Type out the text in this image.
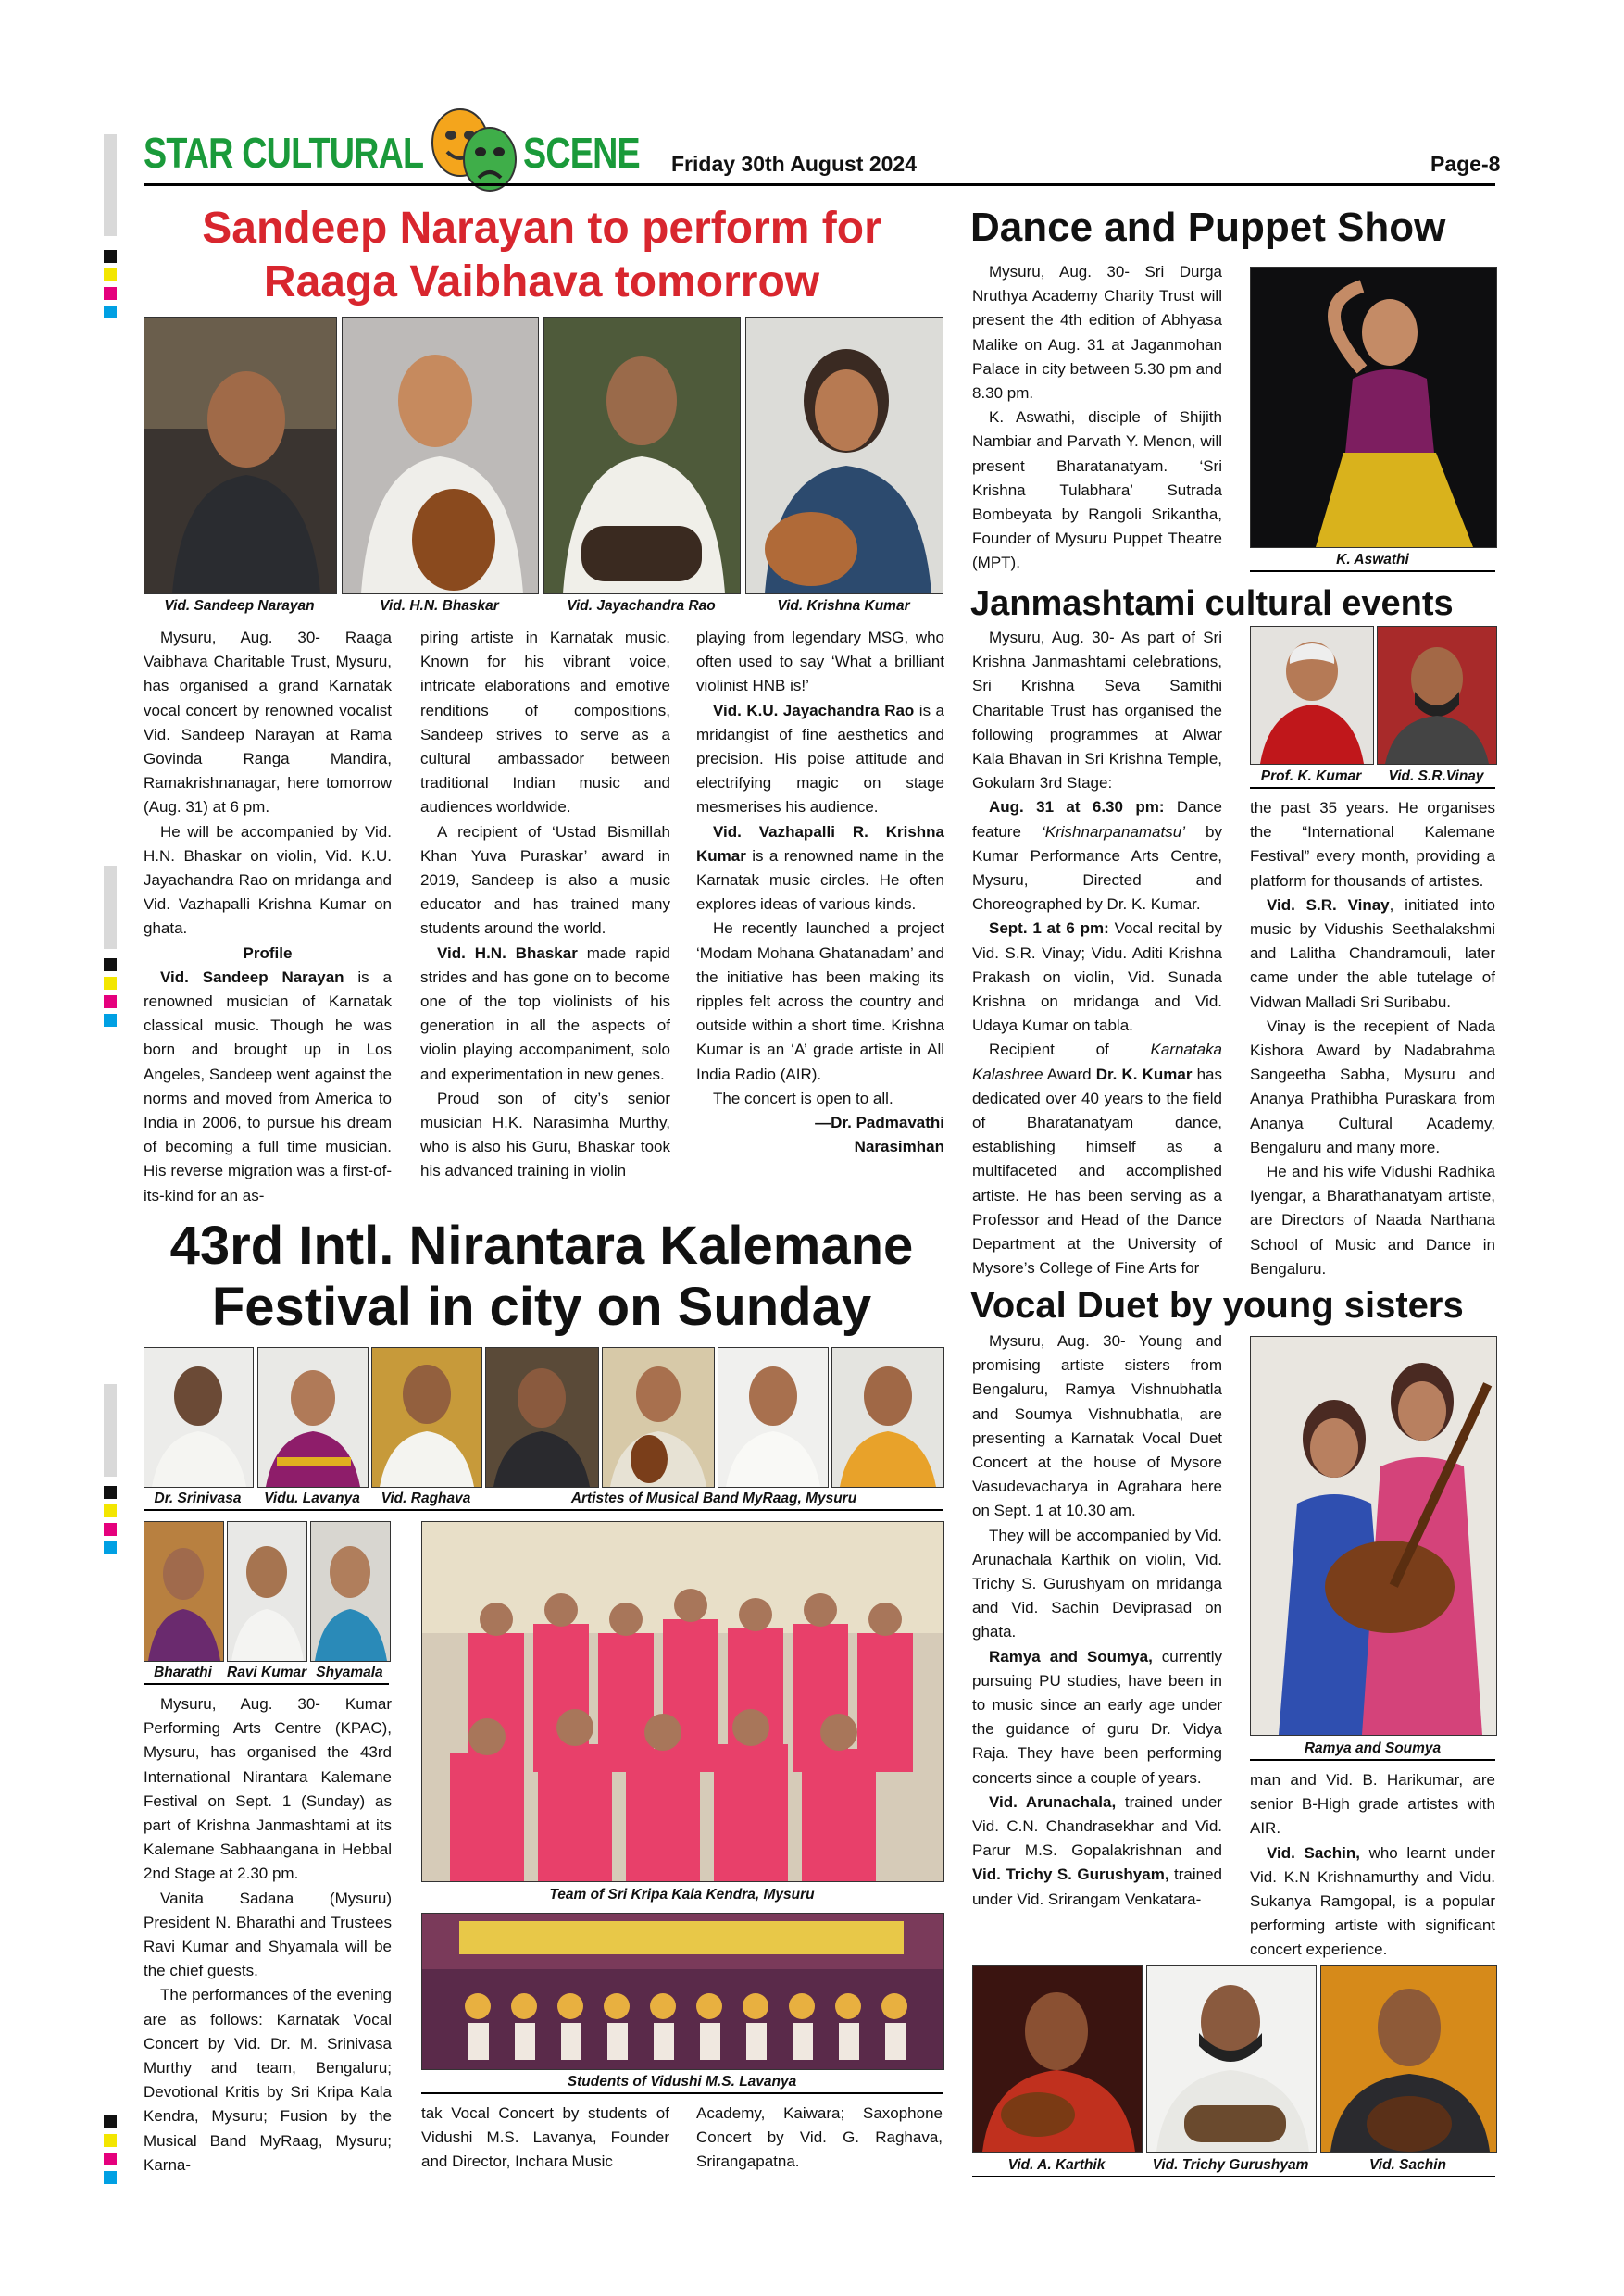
STAR CULTURAL SCENE Friday 30th August 2024	Page-8
Sandeep Narayan to perform for
Raaga Vaibhava tomorrow
Vid. Sandeep Narayan	Vid. H.N. Bhaskar	Vid. Jayachandra Rao	Vid. Krishna Kumar

Mysuru, Aug. 30- Raaga Vaibhava Charitable Trust, Mysuru, has organised a grand Karnatak vocal concert by renowned vocalist Vid. Sandeep Narayan at Rama Govinda Ranga Mandira, Ramakrishnanagar, here tomorrow (Aug. 31) at 6 pm.

He will be accompanied by Vid. H.N. Bhaskar on violin, Vid. K.U. Jayachandra Rao on mridanga and Vid. Vazhapalli Krishna Kumar on ghata.

Profile

Vid. Sandeep Narayan is a renowned musician of Karnatak classical music. Though he was born and brought up in Los Angeles, Sandeep went against the norms and moved from America to India in 2006, to pursue his dream of becoming a full time musician. His reverse migration was a first-of-its-kind for an as-

piring artiste in Karnatak music. Known for his vibrant voice, intricate elaborations and emotive renditions of compositions, Sandeep strives to serve as a cultural ambassador between traditional Indian music and audiences worldwide.

A recipient of ‘Ustad Bismillah Khan Yuva Puraskar’ award in 2019, Sandeep is also a music educator and has trained many students around the world.

Vid. H.N. Bhaskar made rapid strides and has gone on to become one of the top violinists of his generation in all the aspects of violin playing accompaniment, solo and experimentation in new genes.

Proud son of city’s senior musician H.K. Narasimha Murthy, who is also his Guru, Bhaskar took his advanced training in violin

playing from legendary MSG, who often used to say ‘What a brilliant violinist HNB is!’

Vid. K.U. Jayachandra Rao is a mridangist of fine aesthetics and precision. His poise attitude and electrifying magic on stage mesmerises his audience.

Vid. Vazhapalli R. Krishna Kumar is a renowned name in the Karnatak music circles. He often explores ideas of various kinds.

He recently launched a project ‘Modam Mohana Ghatanadam’ and the initiative has been making its ripples felt across the country and outside within a short time. Krishna Kumar is an ‘A’ grade artiste in All India Radio (AIR).

The concert is open to all.

—Dr. Padmavathi

Narasimhan

Dance and Puppet Show

Mysuru, Aug. 30- Sri Durga Nruthya Academy Charity Trust will present the 4th edition of Abhyasa Malike on Aug. 31 at Jaganmohan Palace in city between 5.30 pm and 8.30 pm.

K. Aswathi, disciple of Shijith Nambiar and Parvath Y. Menon, will present Bharatanatyam. ‘Sri Krishna Tulabhara’ Sutrada Bombeyata by Rangoli Srikantha, Founder of Mysuru Puppet Theatre (MPT).	K. Aswathi
Janmashtami cultural events

Mysuru, Aug. 30- As part of Sri Krishna Janmashtami celebrations, Sri Krishna Seva Samithi Charitable Trust has organised the following programmes at Alwar Kala Bhavan in Sri Krishna Temple, Gokulam 3rd Stage:

Aug. 31 at 6.30 pm: Dance feature ‘Krishnarpanamatsu’ by Kumar Performance Arts Centre, Mysuru, Directed and Choreographed by Dr. K. Kumar.

Sept. 1 at 6 pm: Vocal recital by Vid. S.R. Vinay; Vidu. Aditi Krishna Prakash on violin, Vid. Sunada Krishna on mridanga and Vid. Udaya Kumar on tabla.

Recipient of Karnataka Kalashree Award Dr. K. Kumar has dedicated over 40 years to the field of Bharatanatyam dance, establishing himself as a multifaceted and accomplished artiste. He has been serving as a Professor and Head of the Dance Department at the University of Mysore’s College of Fine Arts for

Prof. K. Kumar	Vid. S.R.Vinay

the past 35 years. He organises the “International Kalemane Festival” every month, providing a platform for thousands of artistes.

Vid. S.R. Vinay, initiated into music by Vidushis Seethalakshmi and Lalitha Chandramouli, later came under the able tutelage of Vidwan Malladi Sri Suribabu.

Vinay is the recepient of Nada Kishora Award by Nadabrahma Sangeetha Sabha, Mysuru and Ananya Prathibha Puraskara from Ananya Cultural Academy, Bengaluru and many more.

He and his wife Vidushi Radhika Iyengar, a Bharathanatyam artiste, are Directors of Naada Narthana School of Music and Dance in Bengaluru.

43rd Intl. Nirantara Kalemane
Festival in city on Sunday
Dr. Srinivasa	Vidu. Lavanya	Vid. Raghava	Artistes of Musical Band MyRaag, Mysuru
Bharathi	Ravi Kumar Shyamala

Mysuru, Aug. 30- Kumar Performing Arts Centre (KPAC), Mysuru, has organised the 43rd International Nirantara Kalemane Festival on Sept. 1 (Sunday) as part of Krishna Janmashtami at its Kalemane Sabhaangana in Hebbal 2nd Stage at 2.30 pm.

Vanita Sadana (Mysuru) President N. Bharathi and Trustees Ravi Kumar and Shyamala will be the chief guests.

The performances of the evening are as follows: Karnatak Vocal Concert by Vid. Dr. M. Srinivasa Murthy and team, Bengaluru; Devotional Kritis by Sri Kripa Kala Kendra, Mysuru; Fusion by the Musical Band MyRaag, Mysuru; Karna-

Team of Sri Kripa Kala Kendra, Mysuru
Students of Vidushi M.S. Lavanya

tak Vocal Concert by students of Vidushi M.S. Lavanya, Founder and Director, Inchara Music

Academy, Kaiwara; Saxophone Concert by Vid. G. Raghava, Srirangapatna.

Vocal Duet by young sisters

Mysuru, Aug. 30- Young and promising artiste sisters from Bengaluru, Ramya Vishnubhatla and Soumya Vishnubhatla, are presenting a Karnatak Vocal Duet Concert at the house of Mysore Vasudevacharya in Agrahara here on Sept. 1 at 10.30 am.

They will be accompanied by Vid. Arunachala Karthik on violin, Vid. Trichy S. Gurushyam on mridanga and Vid. Sachin Deviprasad on ghata.

Ramya and Soumya, currently pursuing PU studies, have been in to music since an early age under the guidance of guru Dr. Vidya Raja. They have been performing concerts since a couple of years.

Vid. Arunachala, trained under Vid. C.N. Chandrasekhar and Vid. Parur M.S. Gopalakrishnan and Vid. Trichy S. Gurushyam, trained under Vid. Srirangam Venkatara-

Ramya and Soumya

man and Vid. B. Harikumar, are senior B-High grade artistes with AIR.

Vid. Sachin, who learnt under Vid. K.N Krishnamurthy and Vidu. Sukanya Ramgopal, is a popular performing artiste with significant concert experience.

Vid. A. Karthik	Vid. Trichy Gurushyam	Vid. Sachin
